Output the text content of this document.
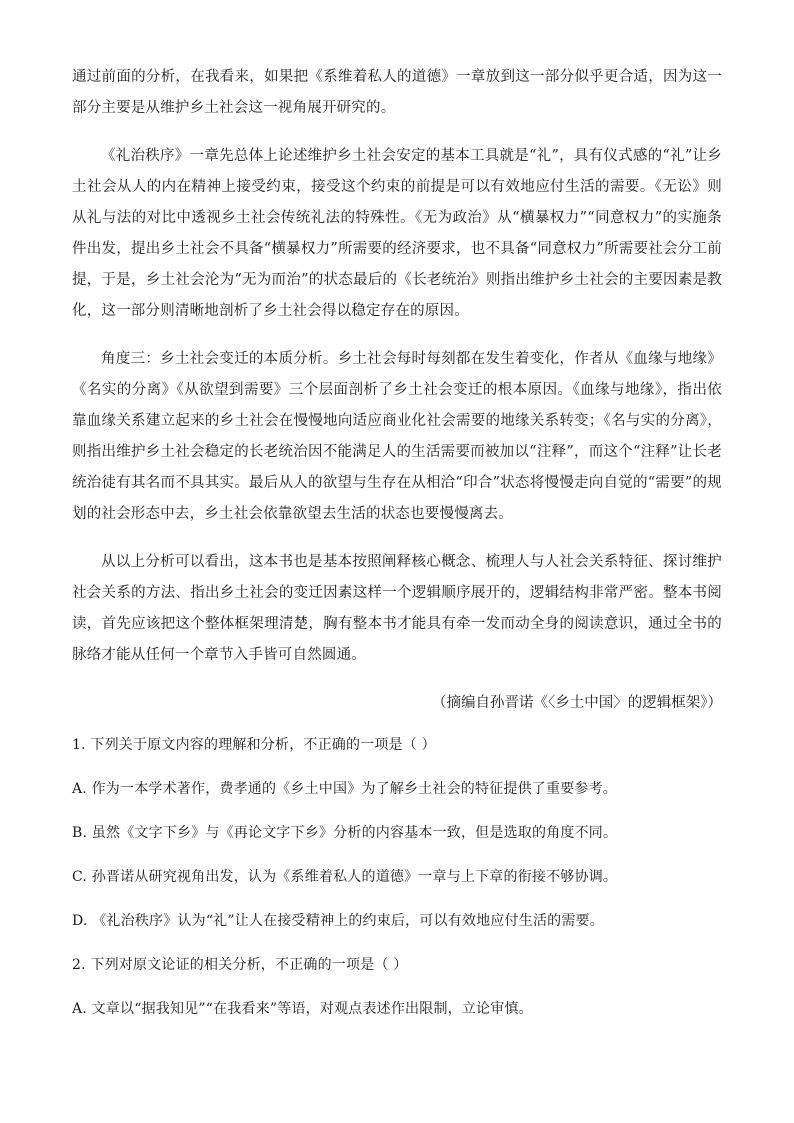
通过前面的分析，在我看来，如果把《系维着私人的道德》一章放到这一部分似乎更合适，因为这一部分主要是从维护乡土社会这一视角展开研究的。

《礼治秩序》一章先总体上论述维护乡土社会安定的基本工具就是“礼”，具有仪式感的“礼”让乡土社会从人的内在精神上接受约束，接受这个约束的前提是可以有效地应付生活的需要。《无讼》则从礼与法的对比中透视乡土社会传统礼法的特殊性。《无为政治》从“横暴权力”“同意权力”的实施条件出发，提出乡土社会不具备“横暴权力”所需要的经济要求，也不具备“同意权力”所需要社会分工前提，于是，乡土社会沦为“无为而治”的状态最后的《长老统治》则指出维护乡土社会的主要因素是教化，这一部分则清晰地剖析了乡土社会得以稳定存在的原因。

角度三：乡土社会变迁的本质分析。乡土社会每时每刻都在发生着变化，作者从《血缘与地缘》《名实的分离》《从欲望到需要》三个层面剖析了乡土社会变迁的根本原因。《血缘与地缘》，指出依靠血缘关系建立起来的乡土社会在慢慢地向适应商业化社会需要的地缘关系转变；《名与实的分离》，则指出维护乡土社会稳定的长老统治因不能满足人的生活需要而被加以“注释”，而这个“注释”让长老统治徒有其名而不具其实。最后从人的欲望与生存在从相洽“印合”状态将慢慢走向自觉的“需要”的规划的社会形态中去，乡土社会依靠欲望去生活的状态也要慢慢离去。

从以上分析可以看出，这本书也是基本按照阐释核心概念、梳理人与人社会关系特征、探讨维护社会关系的方法、指出乡土社会的变迁因素这样一个逻辑顺序展开的，逻辑结构非常严密。整本书阅读，首先应该把这个整体框架理清楚，胸有整本书才能具有牵一发而动全身的阅读意识，通过全书的脉络才能从任何一个章节入手皆可自然圆通。

（摘编自孙晋诺《〈乡土中国〉的逻辑框架》）

1. 下列关于原文内容的理解和分析，不正确的一项是（ ）

A. 作为一本学术著作，费孝通的《乡土中国》为了解乡土社会的特征提供了重要参考。

B. 虽然《文字下乡》与《再论文字下乡》分析的内容基本一致，但是选取的角度不同。

C. 孙晋诺从研究视角出发，认为《系维着私人的道德》一章与上下章的衔接不够协调。

D. 《礼治秩序》认为“礼”让人在接受精神上的约束后，可以有效地应付生活的需要。

2. 下列对原文论证的相关分析，不正确的一项是（ ）

A. 文章以“据我知见”“在我看来”等语，对观点表述作出限制，立论审慎。
